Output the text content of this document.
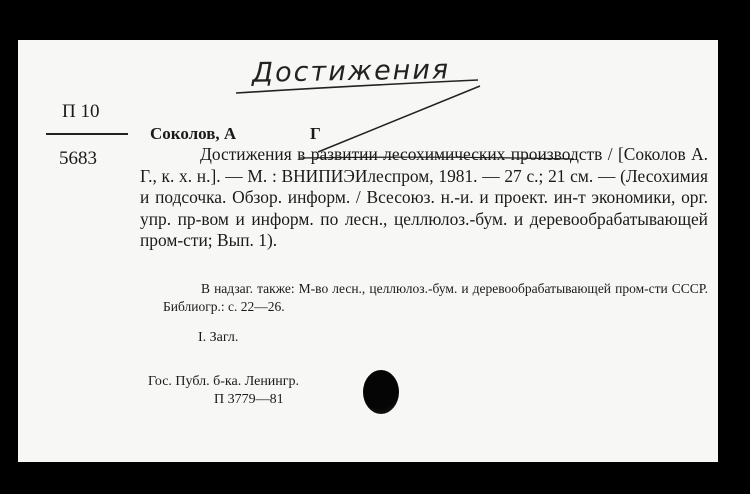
Достижения
П 10
5683
Соколов, А	Г
Достижения в развитии лесохимических производств / [Соколов А. Г., к. х. н.]. — М. : ВНИПИЭИлеспром, 1981. — 27 с.; 21 см. — (Лесохимия и подсочка. Обзор. информ. / Всесоюз. н.-и. и проект. ин-т экономики, орг. упр. пр-вом и информ. по лесн., целлюлоз.-бум. и деревообрабатывающей пром-сти; Вып. 1).
В надзаг. также: М-во лесн., целлюлоз.-бум. и деревообрабатывающей пром-сти СССР. Библиогр.: с. 22—26.
I. Загл.
Гос. Публ. б-ка. Ленингр.
П 3779—81
